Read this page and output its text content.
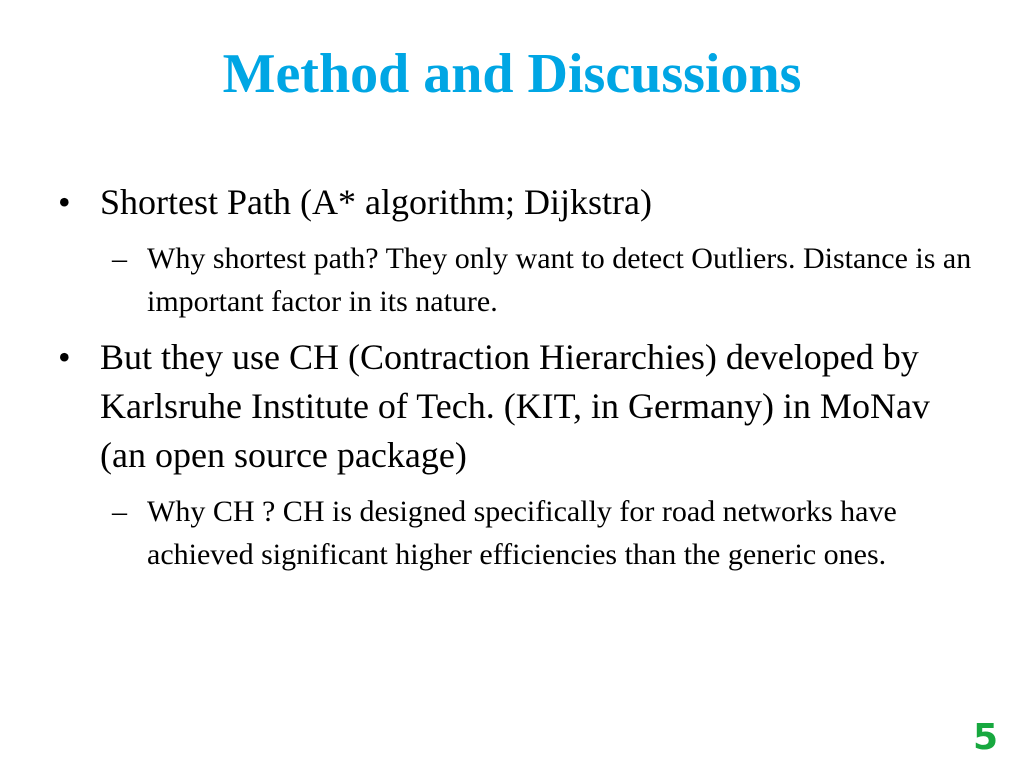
Method and Discussions
• Shortest Path (A* algorithm; Dijkstra)
– Why shortest path? They only want to detect Outliers. Distance is an important factor in its nature.
• But they use CH (Contraction Hierarchies) developed by Karlsruhe Institute of Tech. (KIT, in Germany) in MoNav (an open source package)
– Why CH ? CH is designed specifically for road networks have achieved significant higher efficiencies than the generic ones.
5
